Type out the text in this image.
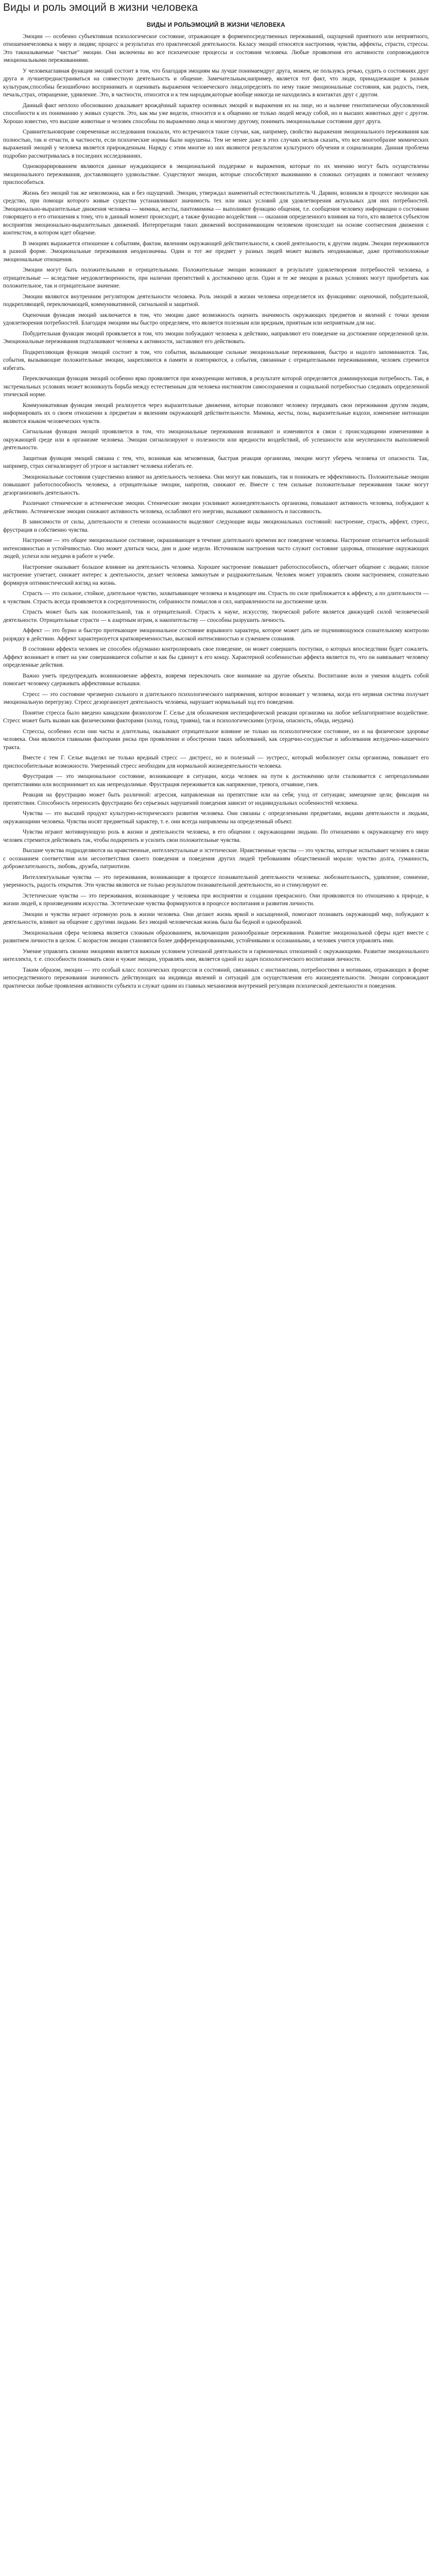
Виды и роль эмоций в жизни человека
ВИДЫ И РОЛЬЭМОЦИЙ В ЖИЗНИ ЧЕЛОВЕКА

Эмоции — особенно субъективная психологическое состояние, отражающее в форменпосредственных переживаний, ощущений приятного или неприятного, отношениечеловека к миру и людям; процесс и результатах его практической деятельности. Ккласу эмоций относятся настроения, чувства, аффекты, страсти, стрессы. Это такназываемые "чистые" эмоции. Они включены во все психические процессы и состояния человека. Любые проявления его активности сопровождаются эмоциональными переживаниями.

У человекаглавная функция эмоций состоит в том, что благодаря эмоциям мы лучше понимаемдруг друга, можем, не пользуясь речью, судить о состояниях друг друга и лучшепреднастраиваться на совместную деятельность и общение. Замечательным,например, является тот факт, что люди, принадлежащие к разным культурам,способны безошибочно воспринимать и оценивать выражения человеческого лица,определять по нему такие эмоциональные состояния, как радость, гнев, печаль,страх, отвращение, удивление. Это, в частности, относится и к тем народам,которые вообще никогда не находились в контактах друг с другом.

Данный факт неплохо обоснованно доказывает врождённый характер основных эмоций и выражения их на лице, но и наличие генотипически обусловленной способности к их пониманию у живых существ. Это, как мы уже видели, относится и к общению не только людей между собой, но и высших животных друг с другом. Хорошо известно, что высшие животные и человек способны по выражению лица и многому другому, понимать эмоциональные состояния друг друга.

Сравнительновправе современные исследования показали, что встречаются такие случаи, как, например, свойство выражения эмоционального переживания как полностью, так и отчасти, в частности, если психические нормы были нарушены. Тем не менее даже в этих случаях нельзя сказать, что все многообразие мимических выражений эмоций у человека является прирожденным. Наряду с этим многие из них являются результатом культурного обучения и социализации. Данная проблема подробно рассматривалась в последних исследованиях.

Однокорарированием являются данные нуждающиеся в эмоциональной поддержке и выражения, которые по их мнению могут быть осуществлены эмоционального переживания, доставляющего удовольствие. Существуют эмоции, которые способствуют выживанию в сложных ситуациях и помогают человеку приспособиться.

Жизнь без эмоций так же невозможна, как и без ощущений. Эмоции, утверждал знаменитый естествоиспытатель Ч. Дарвин, возникли в процессе эволюции как средство, при помощи которого живые существа устанавливают значимость тех или иных условий для удовлетворения актуальных для них потребностей. Эмоционально-выразительные движения человека — мимика, жесты, пантомимика — выполняют функцию общения, т.е. сообщения человеку информации о состоянии говорящего и его отношения к тому, что в данный момент происходит, а также функцию воздействия — оказания определенного влияния на того, кто является субъектом восприятия эмоционально-выразительных движений. Интерпретация таких движений воспринимающим человеком происходит на основе соотнесения движения с контекстом, в котором идет общение.

В эмоциях выражается отношение к событиям, фактам, явлениям окружающей действительности, к своей деятельности, к другим людям. Эмоции переживаются в разной форме. Эмоциональные переживания неоднозначны. Один и тот же предмет у разных людей может вызвать неодинаковые, даже противоположные эмоциональные отношения.

Эмоции могут быть положительными и отрицательными. Положительные эмоции возникают в результате удовлетворения потребностей человека, а отрицательные — вследствие неудовлетворенности, при наличии препятствий к достижению цели. Одни и те же эмоции в разных условиях могут приобретать как положительное, так и отрицательное значение.

Эмоции являются внутренним регулятором деятельности человека. Роль эмоций в жизни человека определяется их функциями: оценочной, побудительной, подкрепляющей, переключающей, коммуникативной, сигнальной и защитной.

Оценочная функция эмоций заключается в том, что эмоции дают возможность оценить значимость окружающих предметов и явлений с точки зрения удовлетворения потребностей. Благодаря эмоциям мы быстро определяем, что является полезным или вредным, приятным или неприятным для нас.

Побудительная функция эмоций проявляется в том, что эмоции побуждают человека к действию, направляют его поведение на достижение определенной цели. Эмоциональные переживания подталкивают человека к активности, заставляют его действовать.

Подкрепляющая функция эмоций состоит в том, что события, вызывающие сильные эмоциональные переживания, быстро и надолго запоминаются. Так, события, вызывающие положительные эмоции, закрепляются в памяти и повторяются, а события, связанные с отрицательными переживаниями, человек стремится избегать.

Переключающая функция эмоций особенно ярко проявляется при конкуренции мотивов, в результате которой определяется доминирующая потребность. Так, в экстремальных условиях может возникнуть борьба между естественным для человека инстинктом самосохранения и социальной потребностью следовать определенной этической норме.

Коммуникативная функция эмоций реализуется через выразительные движения, которые позволяют человеку передавать свои переживания другим людям, информировать их о своем отношении к предметам и явлениям окружающей действительности. Мимика, жесты, позы, выразительные вздохи, изменение интонации являются языком человеческих чувств.

Сигнальная функция эмоций проявляется в том, что эмоциональные переживания возникают и изменяются в связи с происходящими изменениями в окружающей среде или в организме человека. Эмоции сигнализируют о полезности или вредности воздействий, об успешности или неуспешности выполняемой деятельности.

Защитная функция эмоций связана с тем, что, возникая как мгновенная, быстрая реакция организма, эмоции могут уберечь человека от опасности. Так, например, страх сигнализирует об угрозе и заставляет человека избегать ее.

Эмоциональные состояния существенно влияют на деятельность человека. Они могут как повышать, так и понижать ее эффективность. Положительные эмоции повышают работоспособность человека, а отрицательные эмоции, напротив, снижают ее. Вместе с тем сильные положительные переживания также могут дезорганизовать деятельность.

Различают стенические и астенические эмоции. Стенические эмоции усиливают жизнедеятельность организма, повышают активность человека, побуждают к действию. Астенические эмоции снижают активность человека, ослабляют его энергию, вызывают скованность и пассивность.

В зависимости от силы, длительности и степени осознанности выделяют следующие виды эмоциональных состояний: настроение, страсть, аффект, стресс, фрустрация и собственно чувства.

Настроение — это общее эмоциональное состояние, окрашивающее в течение длительного времени все поведение человека. Настроение отличается небольшой интенсивностью и устойчивостью. Оно может длиться часы, дни и даже недели. Источником настроения часто служит состояние здоровья, отношение окружающих людей, успехи или неудачи в работе и учебе.

Настроение оказывает большое влияние на деятельность человека. Хорошее настроение повышает работоспособность, облегчает общение с людьми; плохое настроение угнетает, снижает интерес к деятельности, делает человека замкнутым и раздражительным. Человек может управлять своим настроением, сознательно формируя оптимистический взгляд на жизнь.

Страсть — это сильное, стойкое, длительное чувство, захватывающее человека и владеющее им. Страсть по силе приближается к аффекту, а по длительности — к чувствам. Страсть всегда проявляется в сосредоточенности, собранности помыслов и сил, направленности на достижение цели.

Страсть может быть как положительной, так и отрицательной. Страсть к науке, искусству, творческой работе является движущей силой человеческой деятельности. Отрицательные страсти — к азартным играм, к накопительству — способны разрушить личность.

Аффект — это бурно и быстро протекающее эмоциональное состояние взрывного характера, которое может дать не подчиняющуюся сознательному контролю разрядку в действии. Аффект характеризуется кратковременностью, высокой интенсивностью и сужением сознания.

В состоянии аффекта человек не способен обдуманно контролировать свое поведение, он может совершить поступки, о которых впоследствии будет сожалеть. Аффект возникает в ответ на уже совершившееся событие и как бы сдвинут к его концу. Характерной особенностью аффекта является то, что он навязывает человеку определенные действия.

Важно уметь предупреждать возникновение аффекта, вовремя переключать свое внимание на другие объекты. Воспитание воли и умения владеть собой помогает человеку сдерживать аффективные вспышки.

Стресс — это состояние чрезмерно сильного и длительного психологического напряжения, которое возникает у человека, когда его нервная система получает эмоциональную перегрузку. Стресс дезорганизует деятельность человека, нарушает нормальный ход его поведения.

Понятие стресса было введено канадским физиологом Г. Селье для обозначения неспецифической реакции организма на любое неблагоприятное воздействие. Стресс может быть вызван как физическими факторами (холод, голод, травма), так и психологическими (угроза, опасность, обида, неудача).

Стрессы, особенно если они часты и длительны, оказывают отрицательное влияние не только на психологическое состояние, но и на физическое здоровье человека. Они являются главными факторами риска при проявлении и обострении таких заболеваний, как сердечно-сосудистые и заболевания желудочно-кишечного тракта.

Вместе с тем Г. Селье выделял не только вредный стресс — дистресс, но и полезный — эустресс, который мобилизует силы организма, повышает его приспособительные возможности. Умеренный стресс необходим для нормальной жизнедеятельности человека.

Фрустрация — это эмоциональное состояние, возникающее в ситуации, когда человек на пути к достижению цели сталкивается с непреодолимыми препятствиями или воспринимает их как непреодолимые. Фрустрация переживается как напряжение, тревога, отчаяние, гнев.

Реакция на фрустрацию может быть различной: агрессия, направленная на препятствие или на себя; уход от ситуации; замещение цели; фиксация на препятствии. Способность переносить фрустрацию без серьезных нарушений поведения зависит от индивидуальных особенностей человека.

Чувства — это высший продукт культурно-исторического развития человека. Они связаны с определенными предметами, видами деятельности и людьми, окружающими человека. Чувства носят предметный характер, т. е. они всегда направлены на определенный объект.

Чувства играют мотивирующую роль в жизни и деятельности человека, в его общении с окружающими людьми. По отношению к окружающему его миру человек стремится действовать так, чтобы подкрепить и усилить свои положительные чувства.

Высшие чувства подразделяются на нравственные, интеллектуальные и эстетические. Нравственные чувства — это чувства, которые испытывает человек в связи с осознанием соответствия или несоответствия своего поведения и поведения других людей требованиям общественной морали: чувство долга, гуманность, доброжелательность, любовь, дружба, патриотизм.

Интеллектуальные чувства — это переживания, возникающие в процессе познавательной деятельности человека: любознательность, удивление, сомнение, уверенность, радость открытия. Эти чувства являются не только результатом познавательной деятельности, но и стимулируют ее.

Эстетические чувства — это переживания, возникающие у человека при восприятии и создании прекрасного. Они проявляются по отношению к природе, к жизни людей, к произведениям искусства. Эстетические чувства формируются в процессе воспитания и развития личности.

Эмоции и чувства играют огромную роль в жизни человека. Они делают жизнь яркой и насыщенной, помогают познавать окружающий мир, побуждают к деятельности, влияют на общение с другими людьми. Без эмоций человеческая жизнь была бы бедной и однообразной.

Эмоциональная сфера человека является сложным образованием, включающим разнообразные переживания. Развитие эмоциональной сферы идет вместе с развитием личности в целом. С возрастом эмоции становятся более дифференцированными, устойчивыми и осознанными, а человек учится управлять ими.

Умение управлять своими эмоциями является важным условием успешной деятельности и гармоничных отношений с окружающими. Развитие эмоционального интеллекта, т. е. способности понимать свои и чужие эмоции, управлять ими, является одной из задач психологического воспитания личности.

Таким образом, эмоции — это особый класс психических процессов и состояний, связанных с инстинктами, потребностями и мотивами, отражающих в форме непосредственного переживания значимость действующих на индивида явлений и ситуаций для осуществления его жизнедеятельности. Эмоции сопровождают практически любые проявления активности субъекта и служат одним из главных механизмов внутренней регуляции психической деятельности и поведения.
